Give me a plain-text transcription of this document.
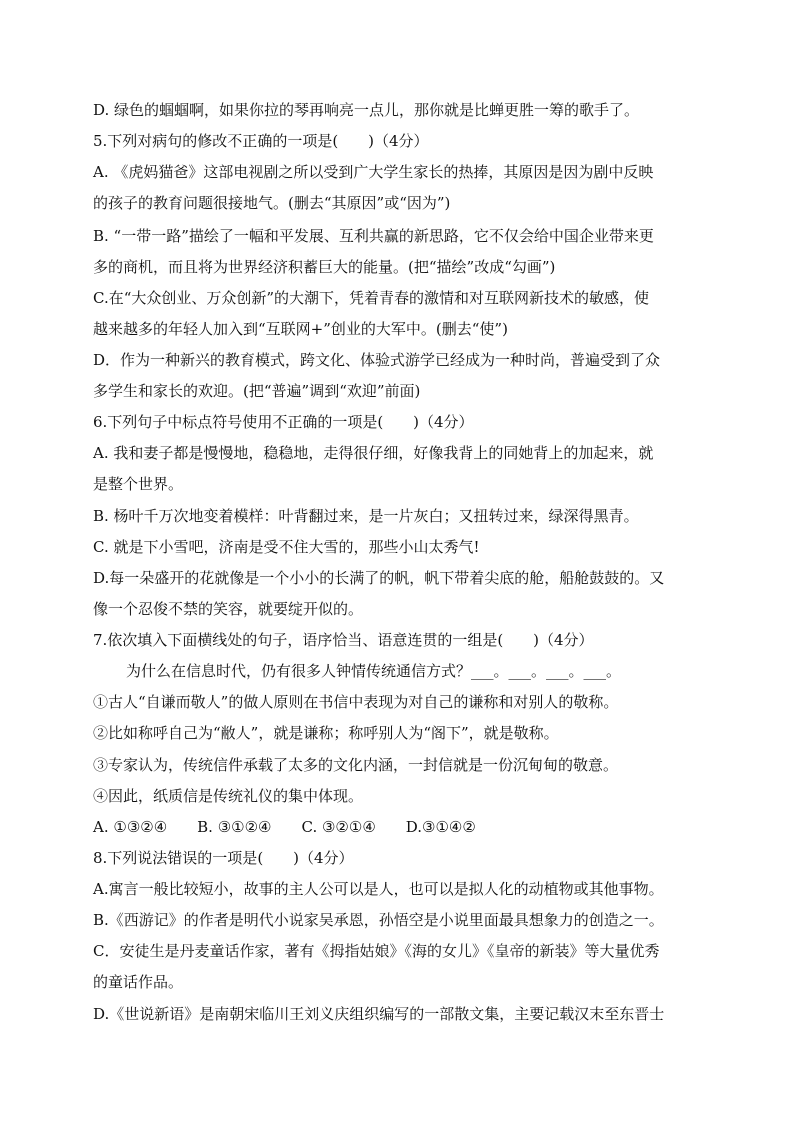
D. 绿色的蝈蝈啊，如果你拉的琴再响亮一点儿，那你就是比蝉更胜一筹的歌手了。
5.下列对病句的修改不正确的一项是(　　)（4分）
A. 《虎妈猫爸》这部电视剧之所以受到广大学生家长的热捧，其原因是因为剧中反映
的孩子的教育问题很接地气。(删去“其原因”或“因为”)
B. “一带一路”描绘了一幅和平发展、互利共赢的新思路，它不仅会给中国企业带来更
多的商机，而且将为世界经济积蓄巨大的能量。(把“描绘”改成“勾画”)
C.在“大众创业、万众创新”的大潮下，凭着青春的激情和对互联网新技术的敏感，使
越来越多的年轻人加入到“互联网+”创业的大军中。(删去“使”)
D．作为一种新兴的教育模式，跨文化、体验式游学已经成为一种时尚，普遍受到了众
多学生和家长的欢迎。(把“普遍”调到“欢迎”前面)
6.下列句子中标点符号使用不正确的一项是(　　)（4分）
A. 我和妻子都是慢慢地，稳稳地，走得很仔细，好像我背上的同她背上的加起来，就
是整个世界。
B. 杨叶千万次地变着模样：叶背翻过来，是一片灰白；又扭转过来，绿深得黑青。
C. 就是下小雪吧，济南是受不住大雪的，那些小山太秀气!
D.每一朵盛开的花就像是一个小小的长满了的帆，帆下带着尖底的舱，船舱鼓鼓的。又
像一个忍俊不禁的笑容，就要绽开似的。
7.依次填入下面横线处的句子，语序恰当、语意连贯的一组是(　　)（4分）
为什么在信息时代，仍有很多人钟情传统通信方式？___。___。___。___。
①古人“自谦而敬人”的做人原则在书信中表现为对自己的谦称和对别人的敬称。
②比如称呼自己为“敝人”，就是谦称；称呼别人为“阁下”，就是敬称。
③专家认为，传统信件承载了太多的文化内涵，一封信就是一份沉甸甸的敬意。
④因此，纸质信是传统礼仪的集中体现。
A. ①③②④　　B. ③①②④　　C. ③②①④　　D.③①④②
8.下列说法错误的一项是(　　)（4分）
A.寓言一般比较短小，故事的主人公可以是人，也可以是拟人化的动植物或其他事物。
B.《西游记》的作者是明代小说家吴承恩，孙悟空是小说里面最具想象力的创造之一。
C．安徒生是丹麦童话作家，著有《拇指姑娘》《海的女儿》《皇帝的新装》等大量优秀
的童话作品。
D.《世说新语》是南朝宋临川王刘义庆组织编写的一部散文集，主要记载汉末至东晋士
